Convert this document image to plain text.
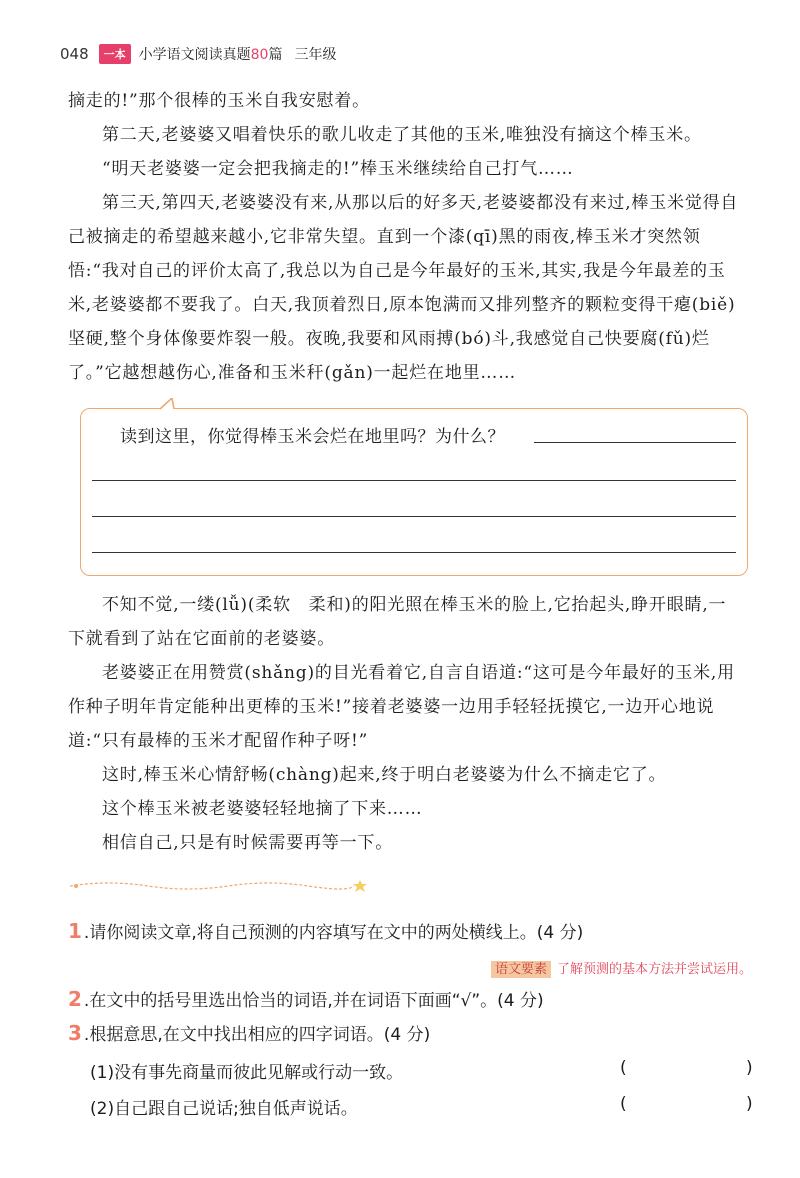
048	一本 小学语文阅读真题80篇 三年级

摘走的!”那个很棒的玉米自我安慰着。

第二天,老婆婆又唱着快乐的歌儿收走了其他的玉米,唯独没有摘这个棒玉米。

“明天老婆婆一定会把我摘走的!”棒玉米继续给自己打气……

第三天,第四天,老婆婆没有来,从那以后的好多天,老婆婆都没有来过,棒玉米觉得自己被摘走的希望越来越小,它非常失望。直到一个漆(qī)黑的雨夜,棒玉米才突然领悟:“我对自己的评价太高了,我总以为自己是今年最好的玉米,其实,我是今年最差的玉米,老婆婆都不要我了。白天,我顶着烈日,原本饱满而又排列整齐的颗粒变得干瘪(biě)坚硬,整个身体像要炸裂一般。夜晚,我要和风雨搏(bó)斗,我感觉自己快要腐(fǔ)烂了。”它越想越伤心,准备和玉米秆(gǎn)一起烂在地里……

读到这里，你觉得棒玉米会烂在地里吗？为什么？

不知不觉,一缕(lǚ)(柔软　柔和)的阳光照在棒玉米的脸上,它抬起头,睁开眼睛,一下就看到了站在它面前的老婆婆。

老婆婆正在用赞赏(shǎng)的目光看着它,自言自语道:“这可是今年最好的玉米,用作种子明年肯定能种出更棒的玉米!”接着老婆婆一边用手轻轻抚摸它,一边开心地说道:“只有最棒的玉米才配留作种子呀!”

这时,棒玉米心情舒畅(chàng)起来,终于明白老婆婆为什么不摘走它了。

这个棒玉米被老婆婆轻轻地摘了下来……

相信自己,只是有时候需要再等一下。

1 .请你阅读文章,将自己预测的内容填写在文中的两处横线上。(4 分)
语文要素 了解预测的基本方法并尝试运用。
2 .在文中的括号里选出恰当的词语,并在词语下面画“√”。(4 分)
3 .根据意思,在文中找出相应的四字词语。(4 分)
(1)没有事先商量而彼此见解或行动一致。	(	)
(2)自己跟自己说话;独自低声说话。	(	)
